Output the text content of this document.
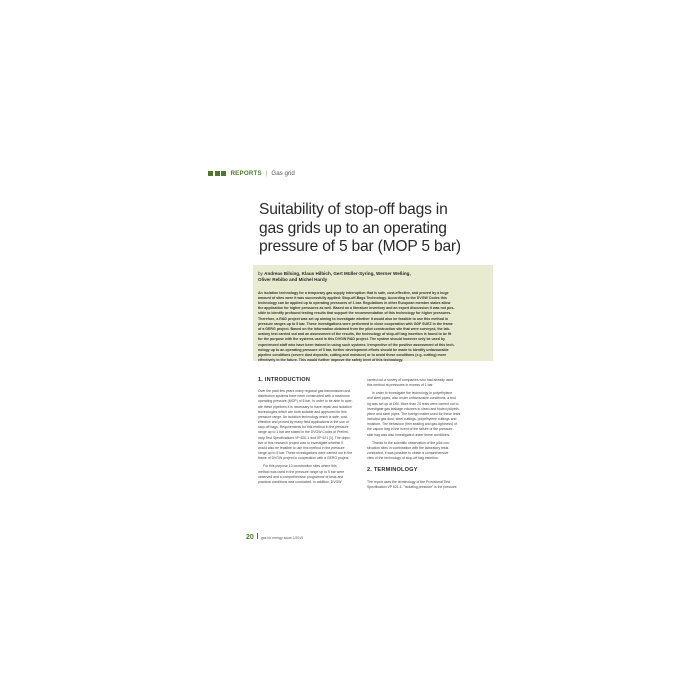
REPORTS | Gas grid
Suitability of stop-off bags in
gas grids up to an operating
pressure of 5 bar (MOP 5 bar)
by Andreas Bilsing, Klaus Hilbich, Gert Müller-Syring, Werner Weßing,
Oliver Rebibo and Michel Hardy
An isolation technology for a temporary gas supply interruption that is safe, cost-effective, and proved by a huge
amount of sites were it was successfully applied: Stop-off-Bags Technology. According to the DVGW Codes this
technology can be applied up to operating pressures of 1 bar. Regulations in other European member states allow
the application for higher pressures as well. Based on a literature inventory and an expert discussion it was not pos-
sible to identify profound testing results that support the recommendation of this technology for higher pressures.
Therefore, a R&D project was set up aiming to investigate whether it would also be feasible to use this method in
pressure ranges up to 5 bar. These investigations were performed in close cooperation with GDF SUEZ in the frame
of a GERG project. Based on the information obtained from the pilot construction site that were surveyed, the lab-
oratory test carried out and an assessment of the results, the technology of stop-off bag insertion is found to be fit
for the purpose with the systems used in this DVGW R&D project. The system should however only be used by
experienced staff who have been trained in using such systems. Irrespective of the positive assessment of this tech-
nology up to an operating pressure of 5 bar, further development efforts should be made to identify unfavourable
pipeline conditions (severe dust deposits, cutting and moisture) or to avoid these conditions (e.g. cutting) more
effectively in the future. This would further improve the safety level of this technology.
1. INTRODUCTION
Over the past few years many regional gas transmission and
distribution systems have been constructed with a maximum
operating pressure (MOP) of 5 bar. In order to be able to oper-
ate these pipelines it is necessary to have repair and isolation
technologies which are both suitable and approved for this
pressure range. An isolation technology which is safe, cost-
effective and proved by many field applications is the use of
stop-off bags. Requirements for this method in the pressure
range up to 1 bar are stated in the DVGW Codes of Prelimi-
nary Test Specifications VP 620-1 and VP 621 [1]. The objec-
tive of this research project was to investigate whether it
would also be feasible to use this method in the pressure
range up to 5 bar. These investigations were carried out in the
frame of DVGW project in cooperation with a GERG project.
For this purpose 10 construction sites where this
method was used in the pressure range up to 5 bar were
observed and a comprehensive programme of tests and
practical conditions was conducted. In addition, DVGW
carried out a survey of companies who had already used
this method at pressures in excess of 1 bar.
In order to investigate the technology in polyethylene
and steel pipes, also under unfavourable conditions, a test
rig was set up at DBI. More than 20 tests were carried out to
investigate gas leakage volumes in clean and fouled polyeth-
ylene and steel pipes. The foreign matter used for these tests
included gas dust, steel cuttings, polyethylene cuttings and
moisture. The behaviour (firm seating and gas-tightness) of
the vapour bag in the event of the failure of the pressure-
side bag was also investigated under these conditions.
Thanks to the scientific observation of the pilot con-
struction sites in combination with the laboratory tests
conducted, it was possible to obtain a comprehensive
view of the technology of stop-off bag insertion.
2. TERMINOLOGY
The report uses the terminology of the Provisional Test
Specification VP 621-1. "Isolating pressure" is the pressure
20 gas for energy Issue 1/2015
